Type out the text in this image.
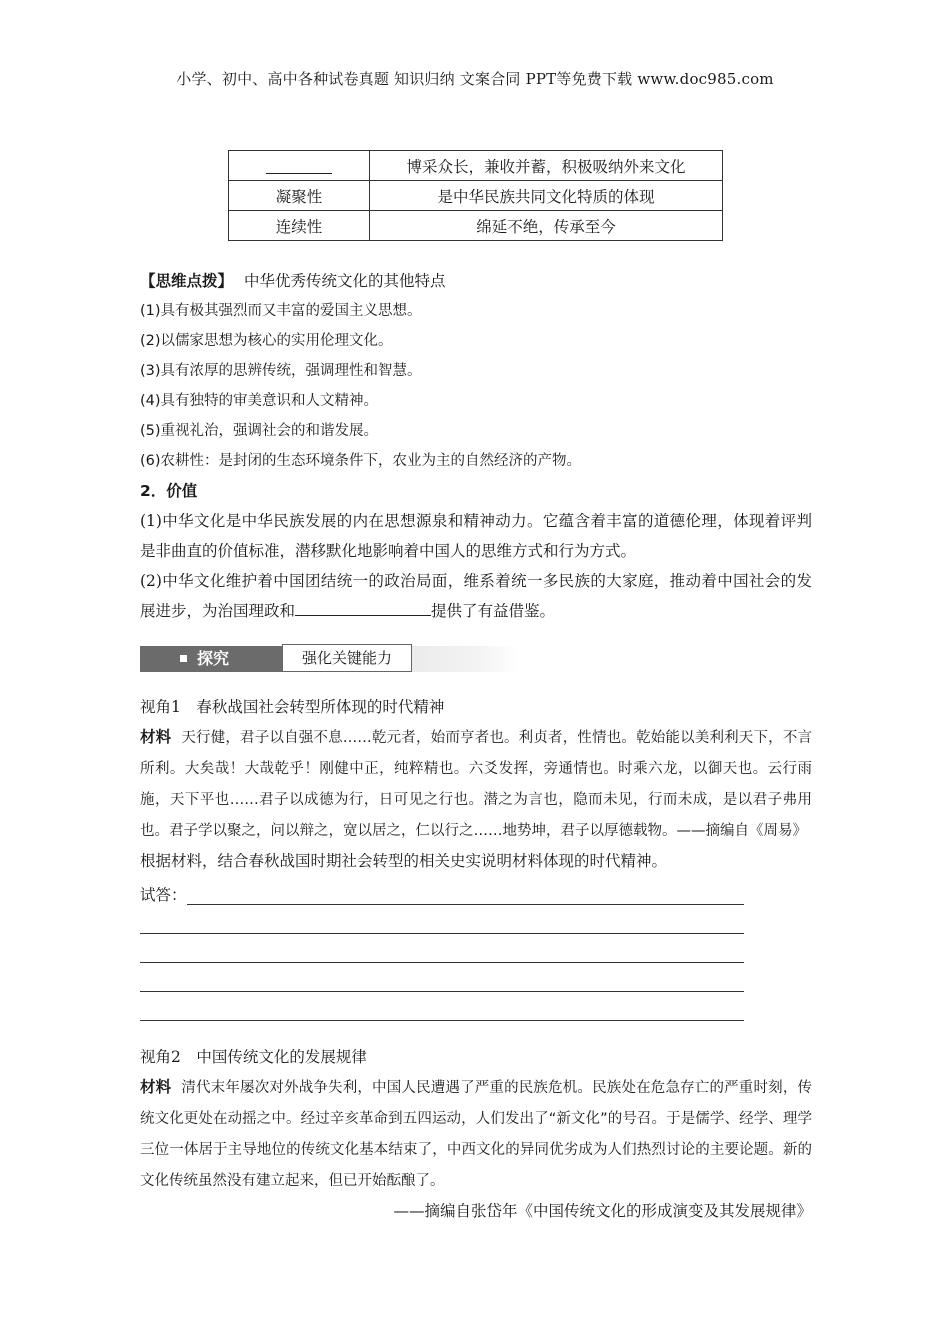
小学、初中、高中各种试卷真题 知识归纳 文案合同 PPT等免费下载 www.doc985.com
	博采众长，兼收并蓄，积极吸纳外来文化
凝聚性	是中华民族共同文化特质的体现
连续性	绵延不绝，传承至今
【思维点拨】 中华优秀传统文化的其他特点
(1)具有极其强烈而又丰富的爱国主义思想。
(2)以儒家思想为核心的实用伦理文化。
(3)具有浓厚的思辨传统，强调理性和智慧。
(4)具有独特的审美意识和人文精神。
(5)重视礼治，强调社会的和谐发展。
(6)农耕性：是封闭的生态环境条件下，农业为主的自然经济的产物。
2．价值
(1)中华文化是中华民族发展的内在思想源泉和精神动力。它蕴含着丰富的道德伦理，体现着评判是非曲直的价值标准，潜移默化地影响着中国人的思维方式和行为方式。
(2)中华文化维护着中国团结统一的政治局面，维系着统一多民族的大家庭，推动着中国社会的发展进步，为治国理政和	提供了有益借鉴。
探究	强化关键能力
视角1　春秋战国社会转型所体现的时代精神
材料 天行健，君子以自强不息……乾元者，始而亨者也。利贞者，性情也。乾始能以美利利天下，不言所利。大矣哉！大哉乾乎！刚健中正，纯粹精也。六爻发挥，旁通情也。时乘六龙，以御天也。云行雨施，天下平也……君子以成德为行，日可见之行也。潜之为言也，隐而未见，行而未成，是以君子弗用也。君子学以聚之，问以辩之，宽以居之，仁以行之……地势坤，君子以厚德载物。——摘编自《周易》
根据材料，结合春秋战国时期社会转型的相关史实说明材料体现的时代精神。
试答：
视角2　中国传统文化的发展规律
材料 清代末年屡次对外战争失利，中国人民遭遇了严重的民族危机。民族处在危急存亡的严重时刻，传统文化更处在动摇之中。经过辛亥革命到五四运动，人们发出了“新文化”的号召。于是儒学、经学、理学三位一体居于主导地位的传统文化基本结束了，中西文化的异同优劣成为人们热烈讨论的主要论题。新的文化传统虽然没有建立起来，但已开始酝酿了。
——摘编自张岱年《中国传统文化的形成演变及其发展规律》
